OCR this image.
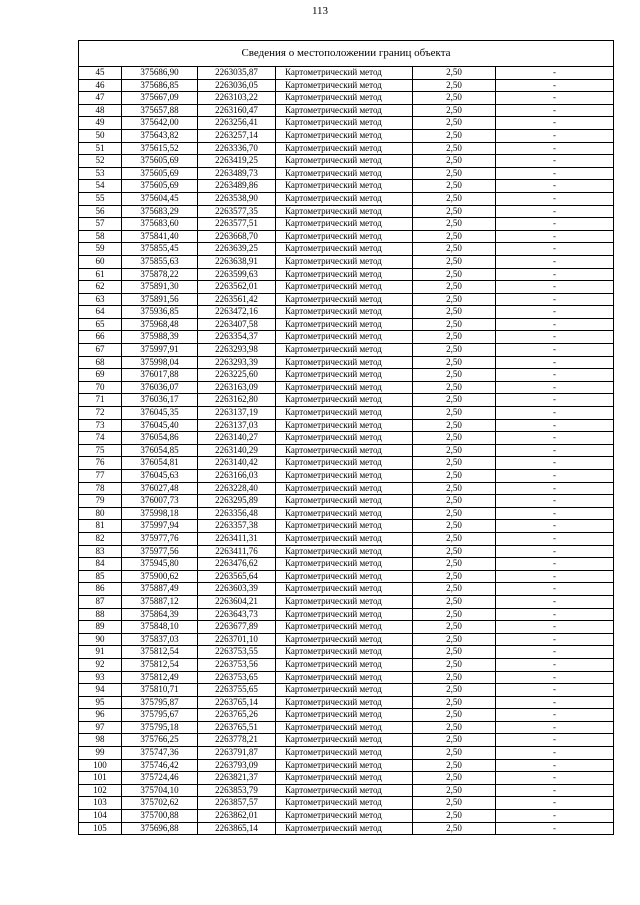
113
Сведения о местоположении границ объекта					
45	375686,90	2263035,87	Картометрический метод	2,50	-
46	375686,85	2263036,05	Картометрический метод	2,50	-
47	375667,09	2263103,22	Картометрический метод	2,50	-
48	375657,88	2263160,47	Картометрический метод	2,50	-
49	375642,00	2263256,41	Картометрический метод	2,50	-
50	375643,82	2263257,14	Картометрический метод	2,50	-
51	375615,52	2263336,70	Картометрический метод	2,50	-
52	375605,69	2263419,25	Картометрический метод	2,50	-
53	375605,69	2263489,73	Картометрический метод	2,50	-
54	375605,69	2263489,86	Картометрический метод	2,50	-
55	375604,45	2263538,90	Картометрический метод	2,50	-
56	375683,29	2263577,35	Картометрический метод	2,50	-
57	375683,60	2263577,51	Картометрический метод	2,50	-
58	375841,40	2263668,70	Картометрический метод	2,50	-
59	375855,45	2263639,25	Картометрический метод	2,50	-
60	375855,63	2263638,91	Картометрический метод	2,50	-
61	375878,22	2263599,63	Картометрический метод	2,50	-
62	375891,30	2263562,01	Картометрический метод	2,50	-
63	375891,56	2263561,42	Картометрический метод	2,50	-
64	375936,85	2263472,16	Картометрический метод	2,50	-
65	375968,48	2263407,58	Картометрический метод	2,50	-
66	375988,39	2263354,37	Картометрический метод	2,50	-
67	375997,91	2263293,98	Картометрический метод	2,50	-
68	375998,04	2263293,39	Картометрический метод	2,50	-
69	376017,88	2263225,60	Картометрический метод	2,50	-
70	376036,07	2263163,09	Картометрический метод	2,50	-
71	376036,17	2263162,80	Картометрический метод	2,50	-
72	376045,35	2263137,19	Картометрический метод	2,50	-
73	376045,40	2263137,03	Картометрический метод	2,50	-
74	376054,86	2263140,27	Картометрический метод	2,50	-
75	376054,85	2263140,29	Картометрический метод	2,50	-
76	376054,81	2263140,42	Картометрический метод	2,50	-
77	376045,63	2263166,03	Картометрический метод	2,50	-
78	376027,48	2263228,40	Картометрический метод	2,50	-
79	376007,73	2263295,89	Картометрический метод	2,50	-
80	375998,18	2263356,48	Картометрический метод	2,50	-
81	375997,94	2263357,38	Картометрический метод	2,50	-
82	375977,76	2263411,31	Картометрический метод	2,50	-
83	375977,56	2263411,76	Картометрический метод	2,50	-
84	375945,80	2263476,62	Картометрический метод	2,50	-
85	375900,62	2263565,64	Картометрический метод	2,50	-
86	375887,49	2263603,39	Картометрический метод	2,50	-
87	375887,12	2263604,21	Картометрический метод	2,50	-
88	375864,39	2263643,73	Картометрический метод	2,50	-
89	375848,10	2263677,89	Картометрический метод	2,50	-
90	375837,03	2263701,10	Картометрический метод	2,50	-
91	375812,54	2263753,55	Картометрический метод	2,50	-
92	375812,54	2263753,56	Картометрический метод	2,50	-
93	375812,49	2263753,65	Картометрический метод	2,50	-
94	375810,71	2263755,65	Картометрический метод	2,50	-
95	375795,87	2263765,14	Картометрический метод	2,50	-
96	375795,67	2263765,26	Картометрический метод	2,50	-
97	375795,18	2263765,51	Картометрический метод	2,50	-
98	375766,25	2263778,21	Картометрический метод	2,50	-
99	375747,36	2263791,87	Картометрический метод	2,50	-
100	375746,42	2263793,09	Картометрический метод	2,50	-
101	375724,46	2263821,37	Картометрический метод	2,50	-
102	375704,10	2263853,79	Картометрический метод	2,50	-
103	375702,62	2263857,57	Картометрический метод	2,50	-
104	375700,88	2263862,01	Картометрический метод	2,50	-
105	375696,88	2263865,14	Картометрический метод	2,50	-
